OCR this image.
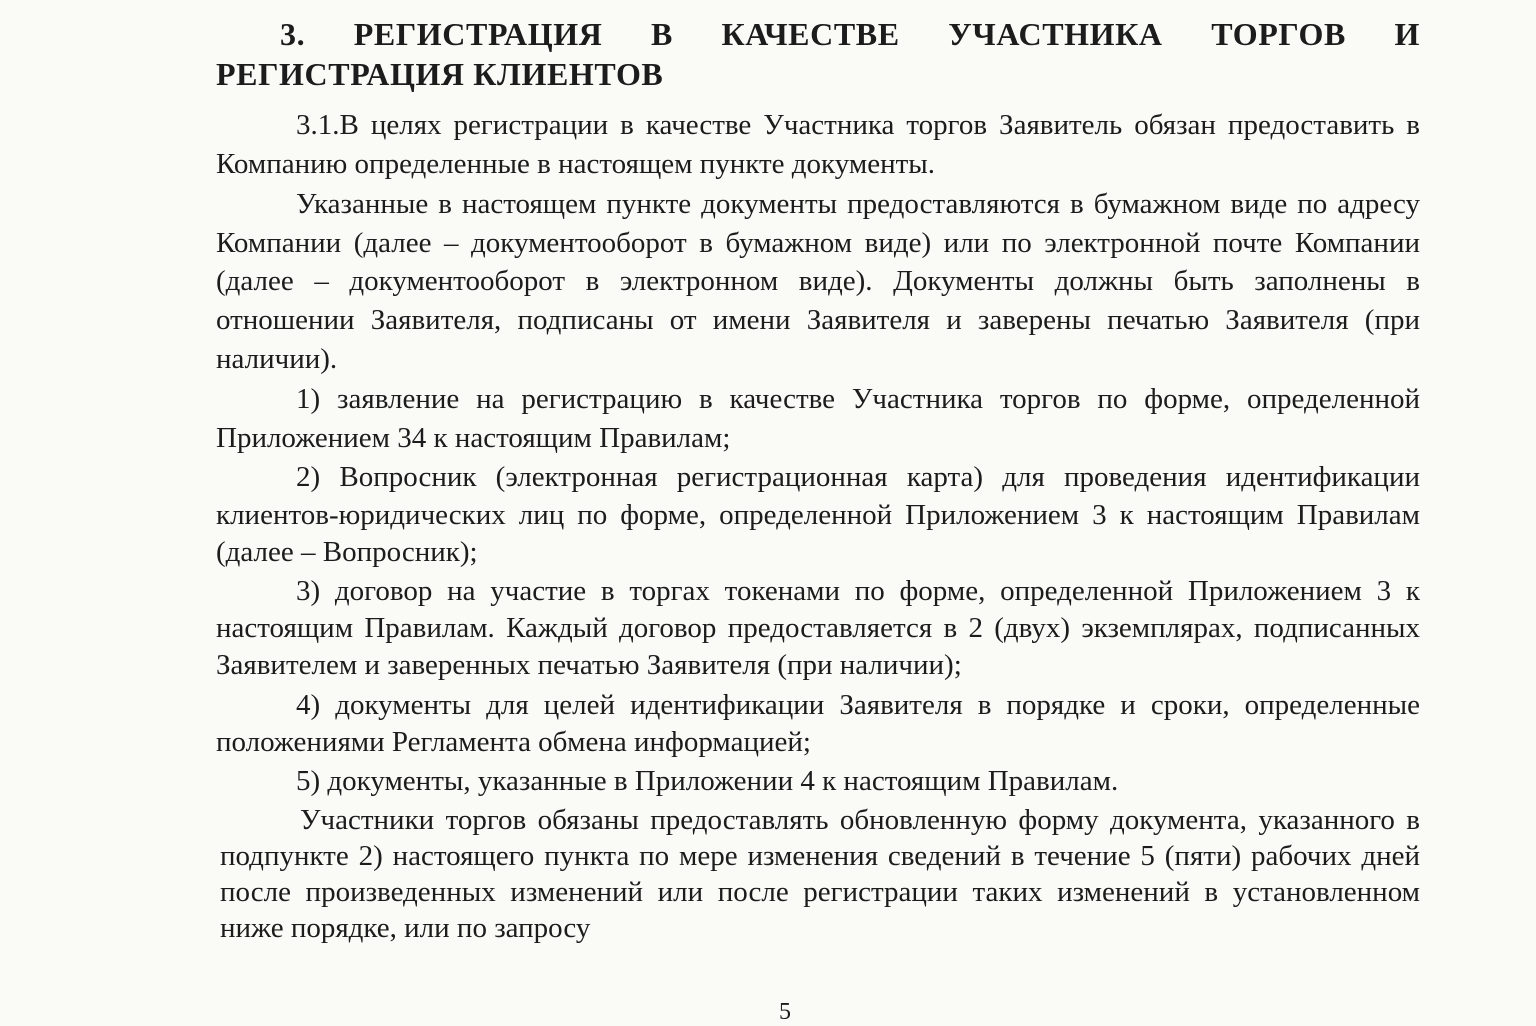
3. РЕГИСТРАЦИЯ В КАЧЕСТВЕ УЧАСТНИКА ТОРГОВ И РЕГИСТРАЦИЯ КЛИЕНТОВ

3.1.В целях регистрации в качестве Участника торгов Заявитель обязан предоставить в Компанию определенные в настоящем пункте документы.

Указанные в настоящем пункте документы предоставляются в бумажном виде по адресу Компании (далее – документооборот в бумажном виде) или по электронной почте Компании (далее – документооборот в электронном виде). Документы должны быть заполнены в отношении Заявителя, подписаны от имени Заявителя и заверены печатью Заявителя (при наличии).

1) заявление на регистрацию в качестве Участника торгов по форме, определенной Приложением 34 к настоящим Правилам;

2) Вопросник (электронная регистрационная карта) для проведения идентификации клиентов-юридических лиц по форме, определенной Приложением 3 к настоящим Правилам (далее – Вопросник);

3) договор на участие в торгах токенами по форме, определенной Приложением 3 к настоящим Правилам. Каждый договор предоставляется в 2 (двух) экземплярах, подписанных Заявителем и заверенных печатью Заявителя (при наличии);

4) документы для целей идентификации Заявителя в порядке и сроки, определенные положениями Регламента обмена информацией;

5) документы, указанные в Приложении 4 к настоящим Правилам.

Участники торгов обязаны предоставлять обновленную форму документа, указанного в подпункте 2) настоящего пункта по мере изменения сведений в течение 5 (пяти) рабочих дней после произведенных изменений или после регистрации таких изменений в установленном ниже порядке, или по запросу

5
